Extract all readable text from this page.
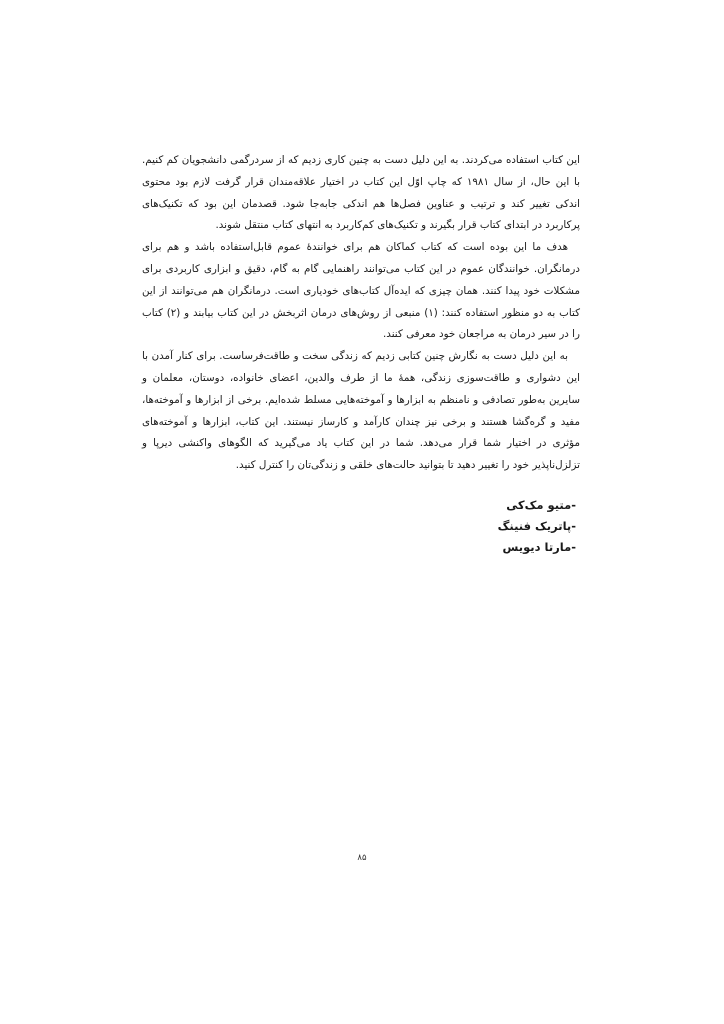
این کتاب استفاده می‌کردند. به این دلیل دست به چنین کاری زدیم که از سردرگمی دانشجویان کم کنیم. با این حال، از سال ۱۹۸۱ که چاپ اوّل این کتاب در اختیار علاقه‌مندان قرار گرفت لازم بود محتوی اندکی تغییر کند و ترتیب و عناوین فصل‌ها هم اندکی جابه‌جا شود. قصدمان این بود که تکنیک‌های پرکاربرد در ابتدای کتاب قرار بگیرند و تکنیک‌های کم‌کاربرد به انتهای کتاب منتقل شوند.

هدف ما این بوده است که کتاب کماکان هم برای خوانندهٔ عموم قابل‌استفاده باشد و هم برای درمانگران. خوانندگان عموم در این کتاب می‌توانند راهنمایی گام به گام، دقیق و ابزاری کاربردی برای مشکلات خود پیدا کنند. همان چیزی که ایده‌آل کتاب‌های خودیاری است. درمانگران هم می‌توانند از این کتاب به دو منظور استفاده کنند: (۱) منبعی از روش‌های درمان اثربخش در این کتاب بیابند و (۲) کتاب را در سیر درمان به مراجعان خود معرفی کنند.

به این دلیل دست به نگارش چنین کتابی زدیم که زندگی سخت و طاقت‌فرساست. برای کنار آمدن با این دشواری و طاقت‌سوزی زندگی، همهٔ ما از طرف والدین، اعضای خانواده، دوستان، معلمان و سایرین به‌طور تصادفی و نامنظم به ابزارها و آموخته‌هایی مسلط شده‌ایم. برخی از ابزارها و آموخته‌ها، مفید و گره‌گشا هستند و برخی نیز چندان کارآمد و کارساز نیستند. این کتاب، ابزارها و آموخته‌های مؤثری در اختیار شما قرار می‌دهد. شما در این کتاب یاد می‌گیرید که الگوهای واکنشی دیرپا و تزلزل‌ناپذیر خود را تغییر دهید تا بتوانید حالت‌های خلقی و زندگی‌تان را کنترل کنید.

-متیو مک‌کی
-پاتریک فنینگ
-مارتا دیویس
۸۵
